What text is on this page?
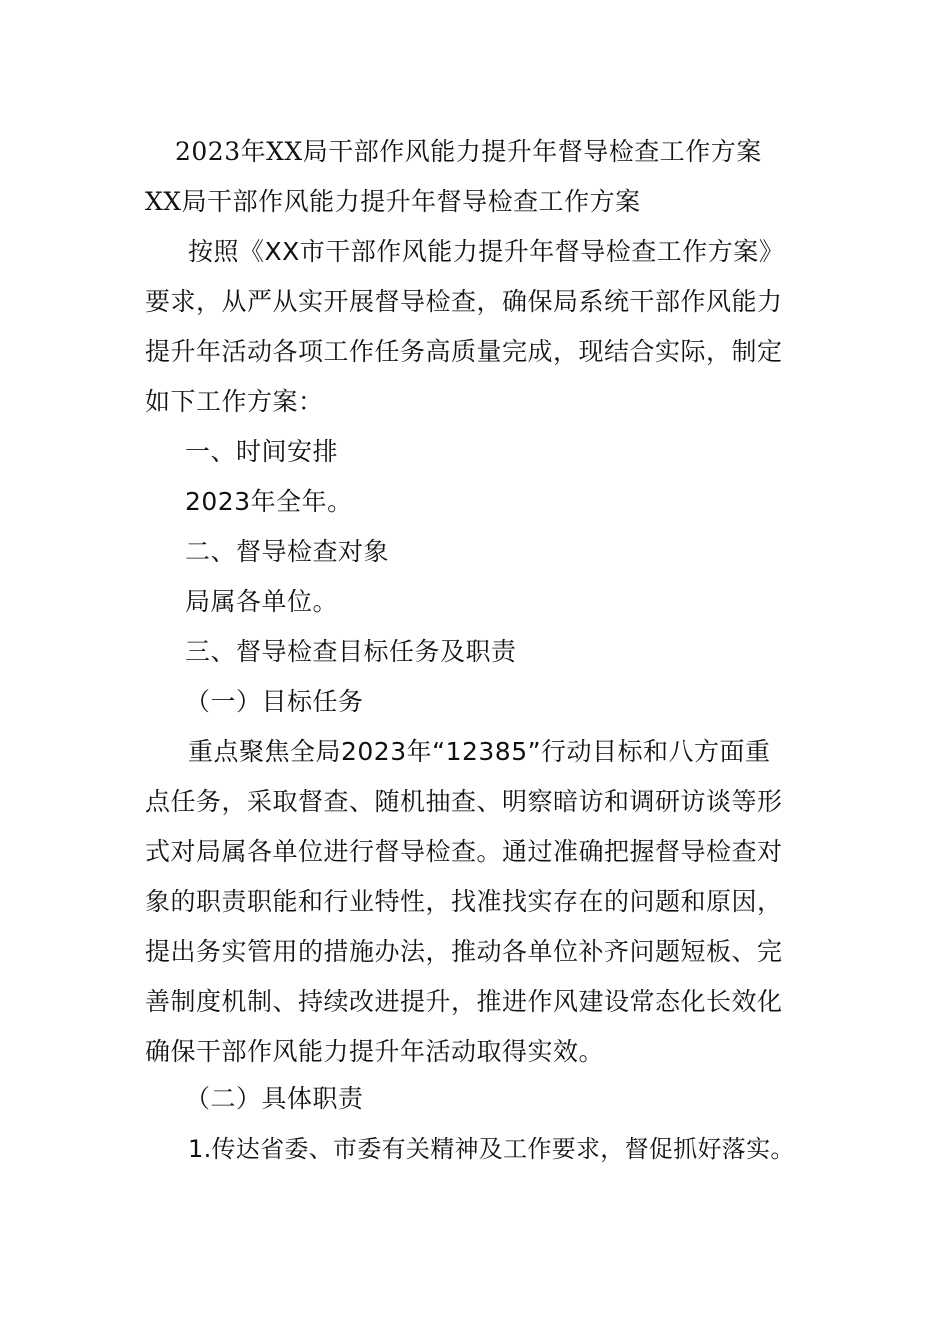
2023年XX局干部作风能力提升年督导检查工作方案
XX局干部作风能力提升年督导检查工作方案
按照《XX市干部作风能力提升年督导检查工作方案》
要求，从严从实开展督导检查，确保局系统干部作风能力
提升年活动各项工作任务高质量完成，现结合实际，制定
如下工作方案：
一、时间安排
2023年全年。
二、督导检查对象
局属各单位。
三、督导检查目标任务及职责
（一）目标任务
重点聚焦全局2023年“12385”行动目标和八方面重
点任务，采取督查、随机抽查、明察暗访和调研访谈等形
式对局属各单位进行督导检查。通过准确把握督导检查对
象的职责职能和行业特性，找准找实存在的问题和原因，
提出务实管用的措施办法，推动各单位补齐问题短板、完
善制度机制、持续改进提升，推进作风建设常态化长效化
确保干部作风能力提升年活动取得实效。
（二）具体职责
1.传达省委、市委有关精神及工作要求，督促抓好落实。
